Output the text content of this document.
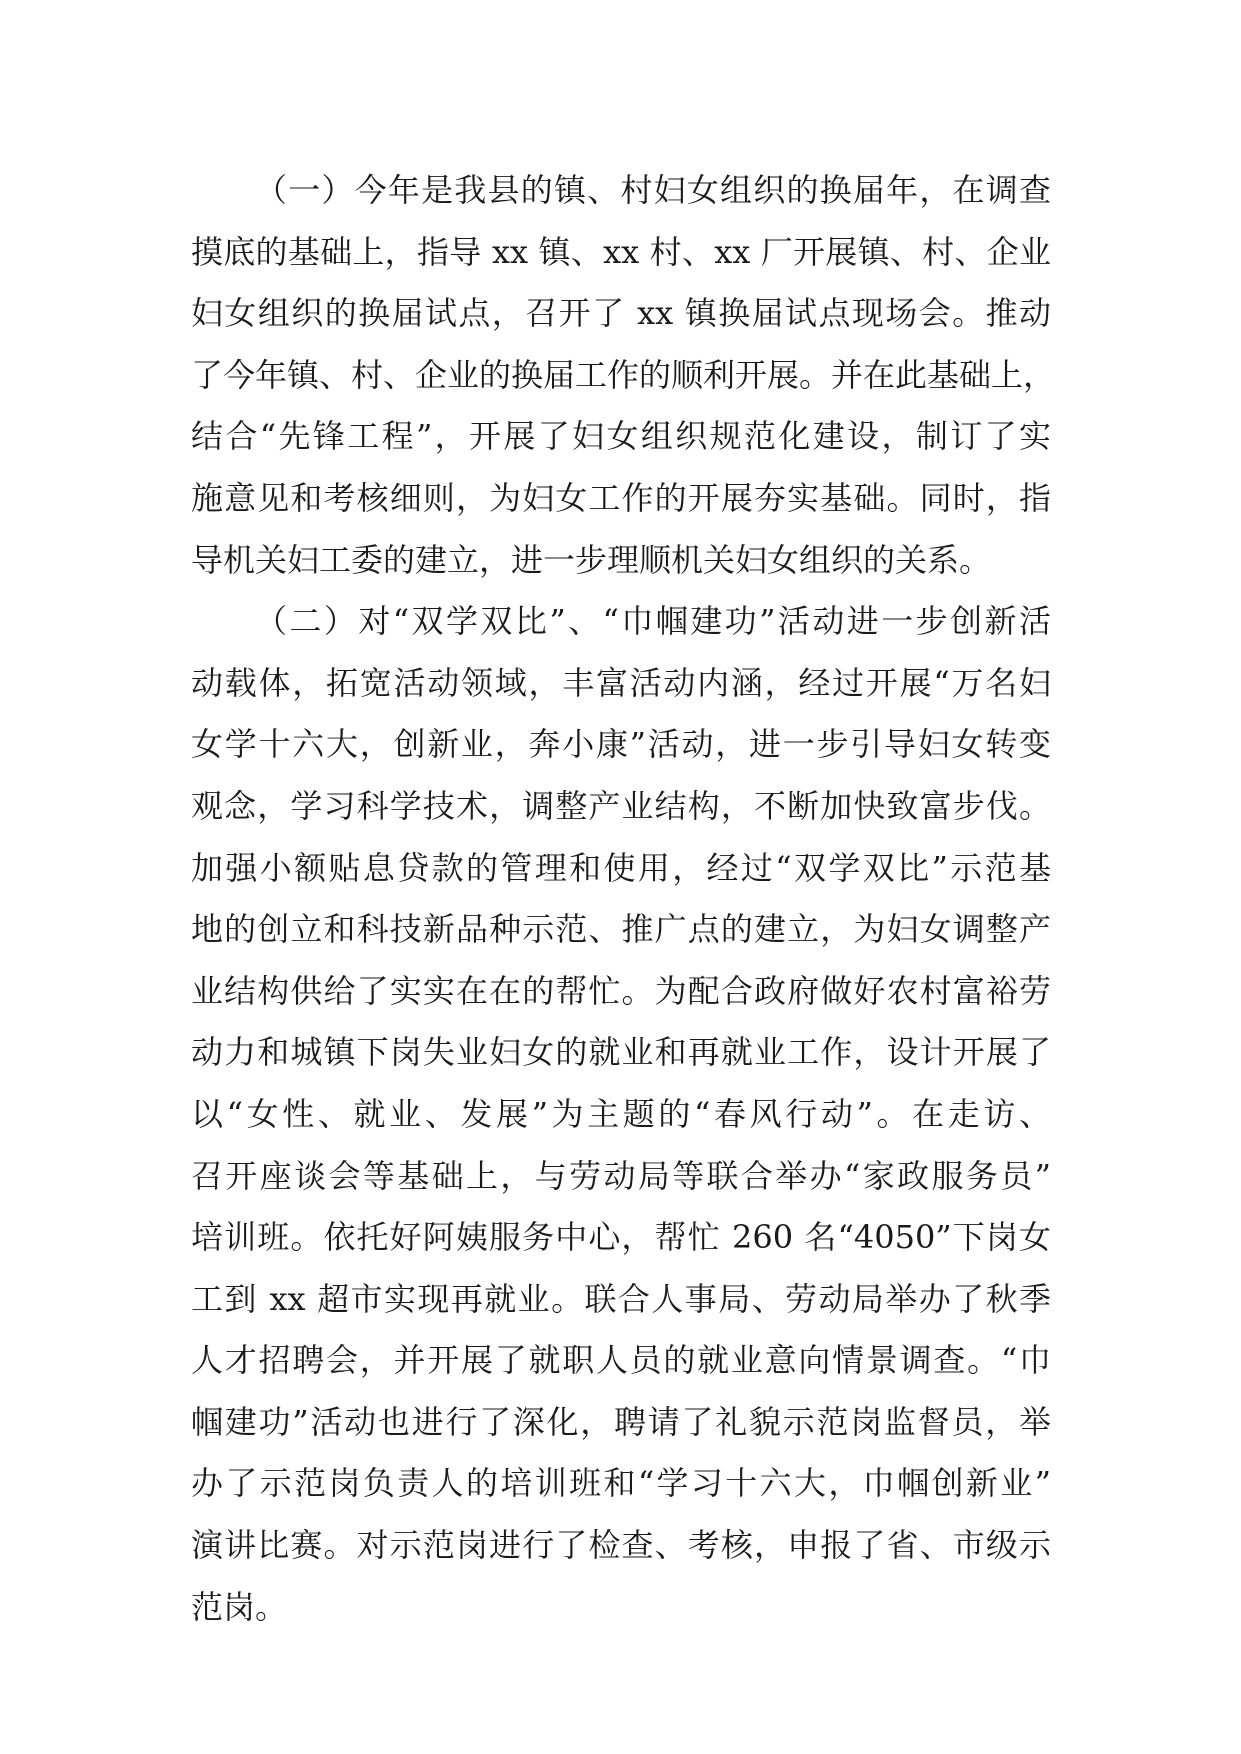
（一）今年是我县的镇、村妇女组织的换届年，在调查
摸底的基础上，指导 xx 镇、xx 村、xx 厂开展镇、村、企业
妇女组织的换届试点，召开了 xx 镇换届试点现场会。推动
了今年镇、村、企业的换届工作的顺利开展。并在此基础上，
结合“先锋工程”，开展了妇女组织规范化建设，制订了实
施意见和考核细则，为妇女工作的开展夯实基础。同时，指
导机关妇工委的建立，进一步理顺机关妇女组织的关系。
（二）对“双学双比”、“巾帼建功”活动进一步创新活
动载体，拓宽活动领域，丰富活动内涵，经过开展“万名妇
女学十六大，创新业，奔小康”活动，进一步引导妇女转变
观念，学习科学技术，调整产业结构，不断加快致富步伐。
加强小额贴息贷款的管理和使用，经过“双学双比”示范基
地的创立和科技新品种示范、推广点的建立，为妇女调整产
业结构供给了实实在在的帮忙。为配合政府做好农村富裕劳
动力和城镇下岗失业妇女的就业和再就业工作，设计开展了
以“女性、就业、发展”为主题的“春风行动”。在走访、
召开座谈会等基础上，与劳动局等联合举办“家政服务员”
培训班。依托好阿姨服务中心，帮忙 260 名“4050”下岗女
工到 xx 超市实现再就业。联合人事局、劳动局举办了秋季
人才招聘会，并开展了就职人员的就业意向情景调查。“巾
帼建功”活动也进行了深化，聘请了礼貌示范岗监督员，举
办了示范岗负责人的培训班和“学习十六大，巾帼创新业”
演讲比赛。对示范岗进行了检查、考核，申报了省、市级示
范岗。
